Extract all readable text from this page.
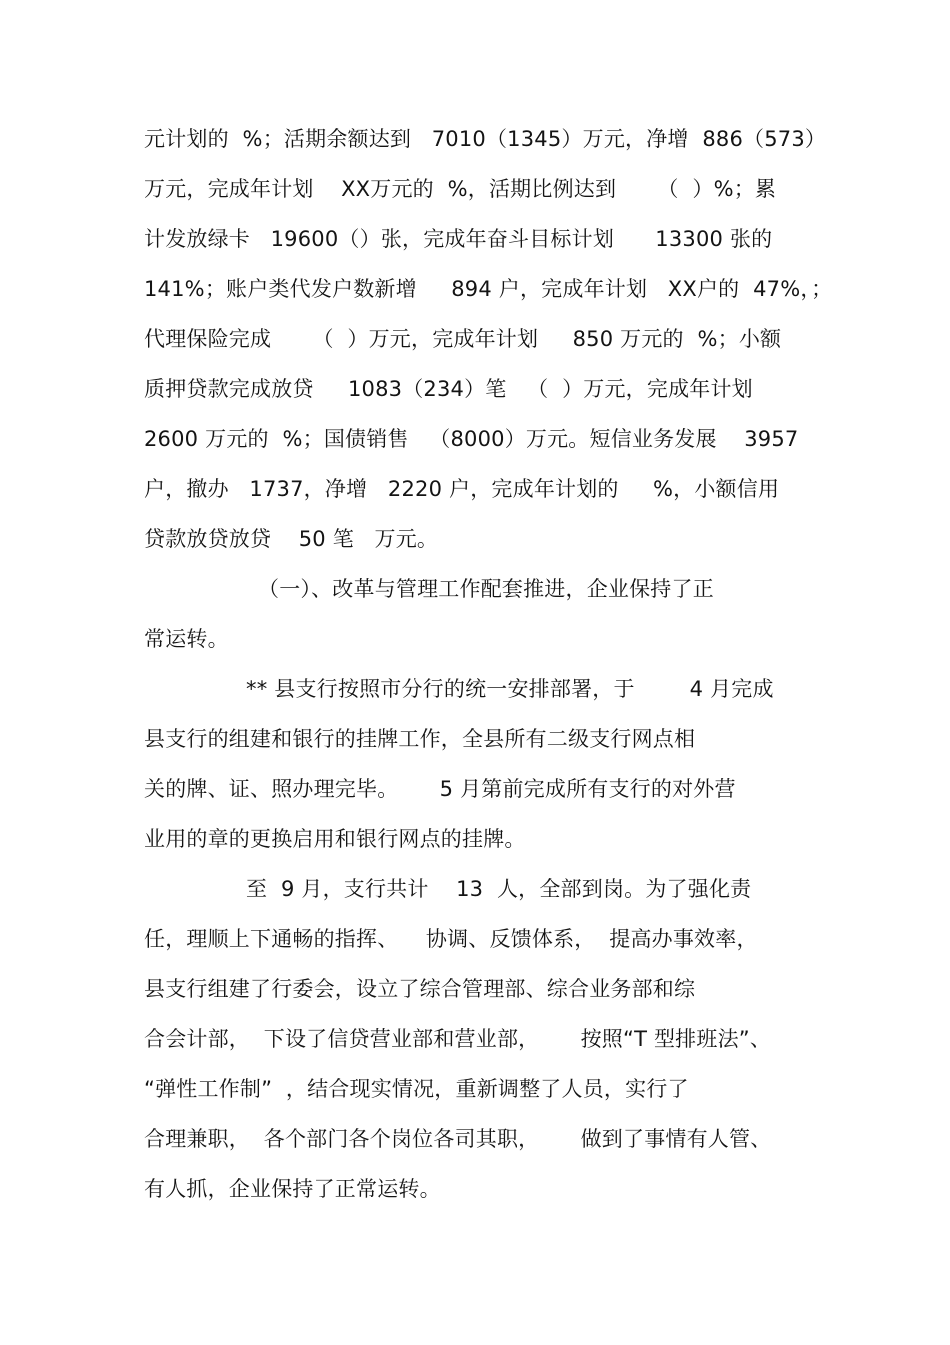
元计划的  %；活期余额达到   7010（1345）万元，净增  886（573）
万元，完成年计划    XX万元的  %，活期比例达到      （  ）%；累
计发放绿卡   19600（）张，完成年奋斗目标计划      13300 张的
141%；账户类代发户数新增     894 户，完成年计划   XX户的  47%，；
代理保险完成      （  ）万元，完成年计划     850 万元的  %；小额
质押贷款完成放贷     1083（234）笔   （  ）万元，完成年计划
2600 万元的  %；国债销售   （8000）万元。短信业务发展    3957
户，撤办   1737，净增   2220 户，完成年计划的     %，小额信用
贷款放贷放贷    50 笔   万元。
（一）、改革与管理工作配套推进，企业保持了正
常运转。
** 县支行按照市分行的统一安排部署，于        4 月完成
县支行的组建和银行的挂牌工作，全县所有二级支行网点相
关的牌、证、照办理完毕。      5 月第前完成所有支行的对外营
业用的章的更换启用和银行网点的挂牌。
至  9 月，支行共计    13  人，全部到岗。为了强化责
任，理顺上下通畅的指挥、    协调、反馈体系，  提高办事效率，
县支行组建了行委会，设立了综合管理部、综合业务部和综
合会计部，  下设了信贷营业部和营业部，      按照“T 型排班法”、
“弹性工作制”  ，结合现实情况，重新调整了人员，实行了
合理兼职，  各个部门各个岗位各司其职，      做到了事情有人管、
有人抓，企业保持了正常运转。
